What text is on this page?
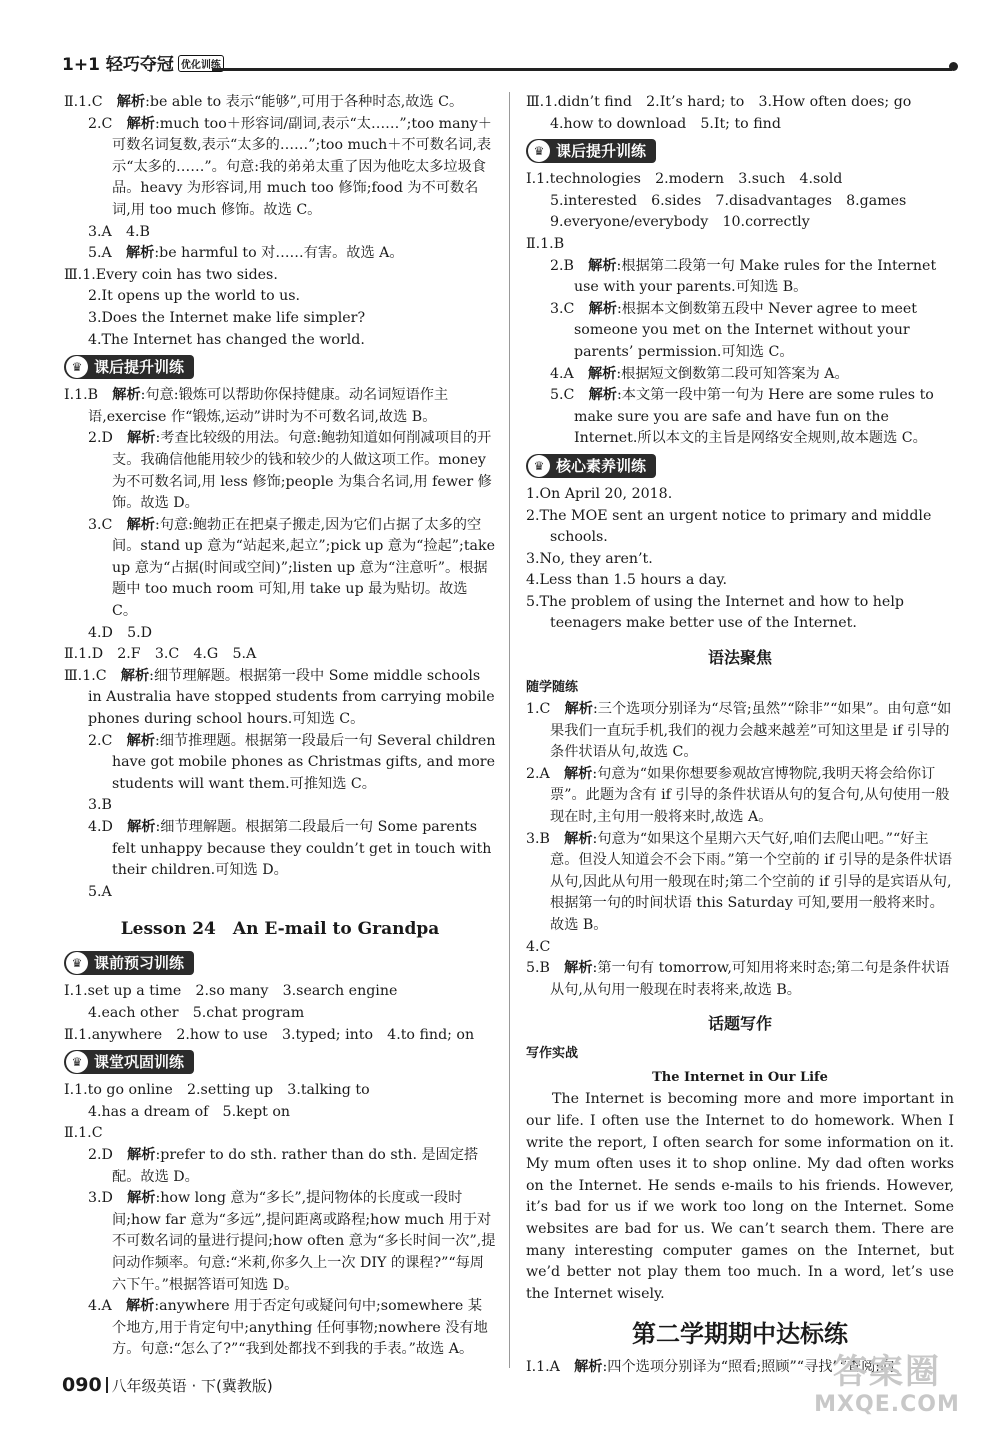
1+1 轻巧夺冠 优化训练
Ⅱ.1.C　解析:be able to 表示“能够”,可用于各种时态,故选 C。
2.C　解析:much too＋形容词/副词,表示“太……”;too many＋可数名词复数,表示“太多的……”;too much＋不可数名词,表示“太多的……”。句意:我的弟弟太重了因为他吃太多垃圾食品。heavy 为形容词,用 much too 修饰;food 为不可数名词,用 too much 修饰。故选 C。
3.A　4.B
5.A　解析:be harmful to 对……有害。故选 A。
Ⅲ.1.Every coin has two sides.
2.It opens up the world to us.
3.Does the Internet make life simpler?
4.The Internet has changed the world.
♛ 课后提升训练
Ⅰ.1.B　解析:句意:锻炼可以帮助你保持健康。动名词短语作主语,exercise 作“锻炼,运动”讲时为不可数名词,故选 B。
2.D　解析:考查比较级的用法。句意:鲍勃知道如何削减项目的开支。我确信他能用较少的钱和较少的人做这项工作。money 为不可数名词,用 less 修饰;people 为集合名词,用 fewer 修饰。故选 D。
3.C　解析:句意:鲍勃正在把桌子搬走,因为它们占据了太多的空间。stand up 意为“站起来,起立”;pick up 意为“捡起”;take up 意为“占据(时间或空间)”;listen up 意为“注意听”。根据题中 too much room 可知,用 take up 最为贴切。故选 C。
4.D　5.D
Ⅱ.1.D　2.F　3.C　4.G　5.A
Ⅲ.1.C　解析:细节理解题。根据第一段中 Some middle schools in Australia have stopped students from carrying mobile phones during school hours.可知选 C。
2.C　解析:细节推理题。根据第一段最后一句 Several children have got mobile phones as Christmas gifts, and more students will want them.可推知选 C。
3.B
4.D　解析:细节理解题。根据第二段最后一句 Some parents felt unhappy because they couldn’t get in touch with their children.可知选 D。
5.A
Lesson 24　An E-mail to Grandpa
♛ 课前预习训练
Ⅰ.1.set up a time　2.so many　3.search engine
4.each other　5.chat program
Ⅱ.1.anywhere　2.how to use　3.typed; into　4.to find; on
♛ 课堂巩固训练
Ⅰ.1.to go online　2.setting up　3.talking to
4.has a dream of　5.kept on
Ⅱ.1.C
2.D　解析:prefer to do sth. rather than do sth. 是固定搭配。故选 D。
3.D　解析:how long 意为“多长”,提问物体的长度或一段时间;how far 意为“多远”,提问距离或路程;how much 用于对不可数名词的量进行提问;how often 意为“多长时间一次”,提问动作频率。句意:“米莉,你多久上一次 DIY 的课程?”“每周六下午。”根据答语可知选 D。
4.A　解析:anywhere 用于否定句或疑问句中;somewhere 某个地方,用于肯定句中;anything 任何事物;nowhere 没有地方。句意:“怎么了?”“我到处都找不到我的手表。”故选 A。
Ⅲ.1.didn’t find　2.It’s hard; to　3.How often does; go
4.how to download　5.It; to find
♛ 课后提升训练
Ⅰ.1.technologies　2.modern　3.such　4.sold
5.interested　6.sides　7.disadvantages　8.games
9.everyone/everybody　10.correctly
Ⅱ.1.B
2.B　解析:根据第二段第一句 Make rules for the Internet use with your parents.可知选 B。
3.C　解析:根据本文倒数第五段中 Never agree to meet someone you met on the Internet without your parents’ permission.可知选 C。
4.A　解析:根据短文倒数第二段可知答案为 A。
5.C　解析:本文第一段中第一句为 Here are some rules to make sure you are safe and have fun on the Internet.所以本文的主旨是网络安全规则,故本题选 C。
♛ 核心素养训练
1.On April 20, 2018.
2.The MOE sent an urgent notice to primary and middle schools.
3.No, they aren’t.
4.Less than 1.5 hours a day.
5.The problem of using the Internet and how to help teenagers make better use of the Internet.
语法聚焦
随学随练
1.C　解析:三个选项分别译为“尽管;虽然”“除非”“如果”。由句意“如果我们一直玩手机,我们的视力会越来越差”可知这里是 if 引导的条件状语从句,故选 C。
2.A　解析:句意为“如果你想要参观故宫博物院,我明天将会给你订票”。此题为含有 if 引导的条件状语从句的复合句,从句使用一般现在时,主句用一般将来时,故选 A。
3.B　解析:句意为“如果这个星期六天气好,咱们去爬山吧。”“好主意。但没人知道会不会下雨。”第一个空前的 if 引导的是条件状语从句,因此从句用一般现在时;第二个空前的 if 引导的是宾语从句,根据第一句的时间状语 this Saturday 可知,要用一般将来时。故选 B。
4.C
5.B　解析:第一句有 tomorrow,可知用将来时态;第二句是条件状语从句,从句用一般现在时表将来,故选 B。
话题写作
写作实战
The Internet in Our Life
The Internet is becoming more and more important in our life. I often use the Internet to do homework. When I write the report, I often search for some information on it. My mum often uses it to shop online. My dad often works on the Internet. He sends e-mails to his friends. However, it’s bad for us if we work too long on the Internet. Some websites are bad for us. We can’t search them. There are many interesting computer games on the Internet, but we’d better not play them too much. In a word, let’s use the Internet wisely.
第二学期期中达标练
Ⅰ.1.A　解析:四个选项分别译为“照看;照顾”“寻找”“查阅;向
090 八年级英语 · 下(冀教版)	答案圈
MXQE.COM
